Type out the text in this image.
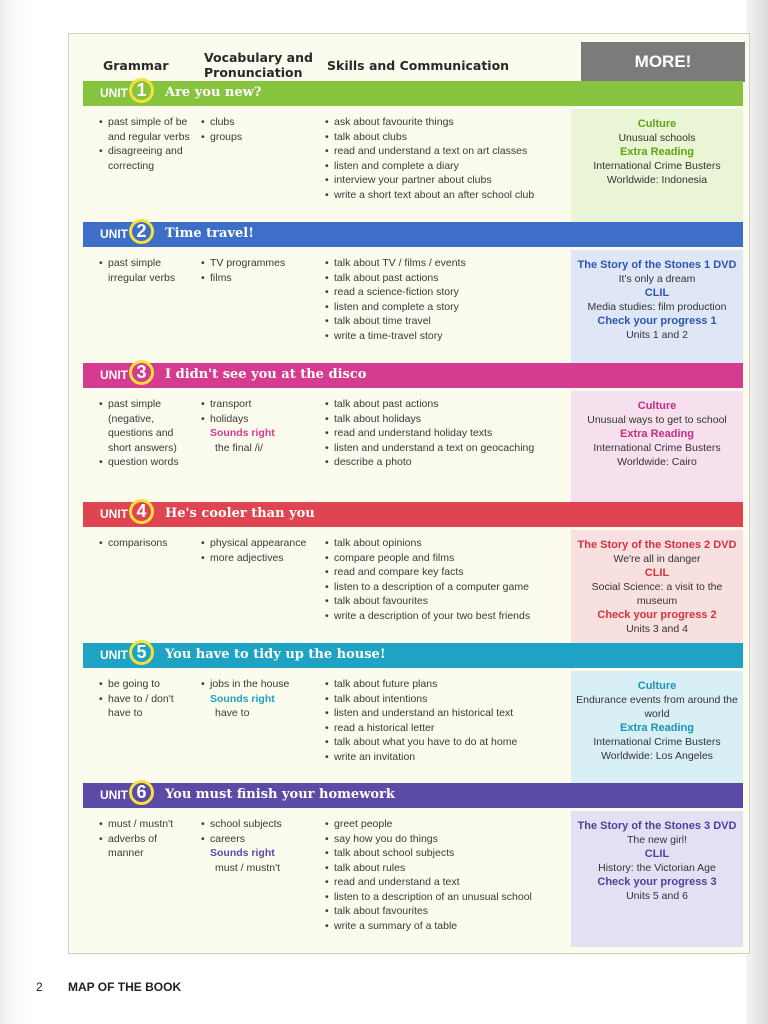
Grammar	Vocabulary and Pronunciation	Skills and Communication	MORE!
UNIT 1	Are you new?
• past simple of be and regular verbs
• disagreeing and correcting
• clubs
• groups
• ask about favourite things
• talk about clubs
• read and understand a text on art classes
• listen and complete a diary
• interview your partner about clubs
• write a short text about an after school club
Culture
Unusual schools
Extra Reading
International Crime Busters
Worldwide: Indonesia
UNIT 2	Time travel!
• past simple irregular verbs
• TV programmes
• films
• talk about TV / films / events
• talk about past actions
• read a science-fiction story
• listen and complete a story
• talk about time travel
• write a time-travel story
The Story of the Stones 1 DVD
It's only a dream
CLIL
Media studies: film production
Check your progress 1
Units 1 and 2
UNIT 3	I didn't see you at the disco
• past simple (negative, questions and short answers)
• question words
• transport
• holidays
Sounds right
the final /i/
• talk about past actions
• talk about holidays
• read and understand holiday texts
• listen and understand a text on geocaching
• describe a photo
Culture
Unusual ways to get to school
Extra Reading
International Crime Busters
Worldwide: Cairo
UNIT 4	He's cooler than you
• comparisons
•	physical appearance
• more adjectives
• talk about opinions
• compare people and films
• read and compare key facts
• listen to a description of a computer game
• talk about favourites
• write a description of your two best friends
The Story of the Stones 2 DVD
We're all in danger
CLIL
Social Science: a visit to the museum
Check your progress 2
Units 3 and 4
UNIT 5	You have to tidy up the house!
• be going to
• have to / don't have to
• jobs in the house
Sounds right
have to
• talk about future plans
• talk about intentions
• listen and understand an historical text
• read a historical letter
• talk about what you have to do at home
• write an invitation
Culture
Endurance events from around the world
Extra Reading
International Crime Busters
Worldwide: Los Angeles
UNIT 6	You must finish your homework
• must / mustn't
• adverbs of manner
• school subjects
• careers
Sounds right
must / mustn't
• greet people
• say how you do things
• talk about school subjects
• talk about rules
• read and understand a text
• listen to a description of an unusual school
• talk about favourites
• write a summary of a table
The Story of the Stones 3 DVD
The new girl!
CLIL
History: the Victorian Age
Check your progress 3
Units 5 and 6
2	MAP OF THE BOOK
